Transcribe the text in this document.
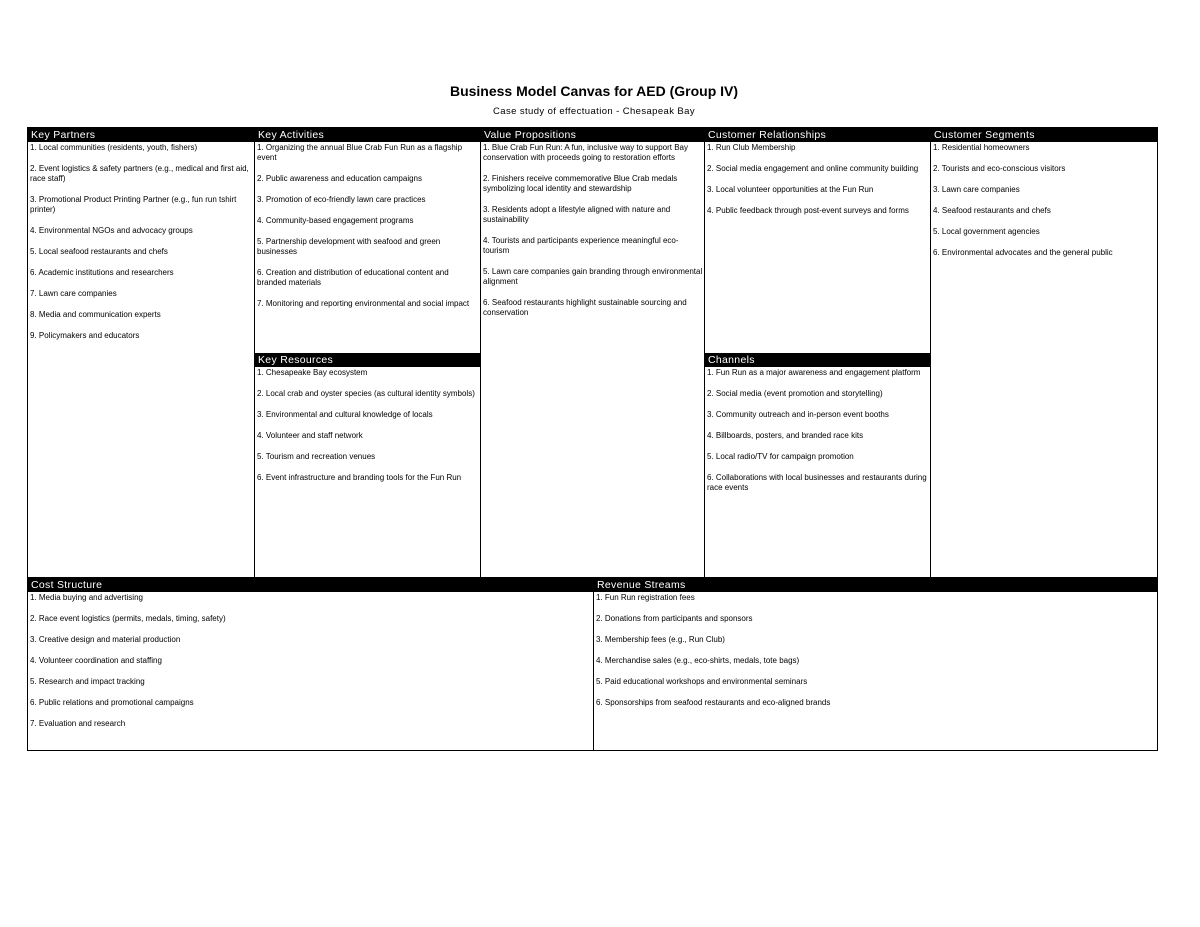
Business Model Canvas for AED (Group IV)
Case study of effectuation - Chesapeak Bay
Key Partners
1. Local communities (residents, youth, fishers)
2. Event logistics & safety partners (e.g., medical and first aid, race staff)
3. Promotional Product Printing Partner (e.g., fun run tshirt printer)
4. Environmental NGOs and advocacy groups
5. Local seafood restaurants and chefs
6. Academic institutions and researchers
7. Lawn care companies
8. Media and communication experts
9. Policymakers and educators
Key Activities
1. Organizing the annual Blue Crab Fun Run as a flagship event
2. Public awareness and education campaigns
3. Promotion of eco-friendly lawn care practices
4. Community-based engagement programs
5. Partnership development with seafood and green businesses
6. Creation and distribution of educational content and branded materials
7. Monitoring and reporting environmental and social impact
Key Resources
1. Chesapeake Bay ecosystem
2. Local crab and oyster species (as cultural identity symbols)
3. Environmental and cultural knowledge of locals
4. Volunteer and staff network
5. Tourism and recreation venues
6. Event infrastructure and branding tools for the Fun Run
Value Propositions
1. Blue Crab Fun Run: A fun, inclusive way to support Bay conservation with proceeds going to restoration efforts
2. Finishers receive commemorative Blue Crab medals symbolizing local identity and stewardship
3. Residents adopt a lifestyle aligned with nature and sustainability
4. Tourists and participants experience meaningful eco-tourism
5. Lawn care companies gain branding through environmental alignment
6. Seafood restaurants highlight sustainable sourcing and conservation
Customer Relationships
1. Run Club Membership
2. Social media engagement and online community building
3. Local volunteer opportunities at the Fun Run
4. Public feedback through post-event surveys and forms
Channels
1. Fun Run as a major awareness and engagement platform
2. Social media (event promotion and storytelling)
3. Community outreach and in-person event booths
4. Billboards, posters, and branded race kits
5. Local radio/TV for campaign promotion
6. Collaborations with local businesses and restaurants during race events
Customer Segments
1. Residential homeowners
2. Tourists and eco-conscious visitors
3. Lawn care companies
4. Seafood restaurants and chefs
5. Local government agencies
6. Environmental advocates and the general public
Cost Structure
1. Media buying and advertising
2. Race event logistics (permits, medals, timing, safety)
3. Creative design and material production
4. Volunteer coordination and staffing
5. Research and impact tracking
6. Public relations and promotional campaigns
7. Evaluation and research
Revenue Streams
1. Fun Run registration fees
2. Donations from participants and sponsors
3. Membership fees (e.g., Run Club)
4. Merchandise sales (e.g., eco-shirts, medals, tote bags)
5. Paid educational workshops and environmental seminars
6. Sponsorships from seafood restaurants and eco-aligned brands
